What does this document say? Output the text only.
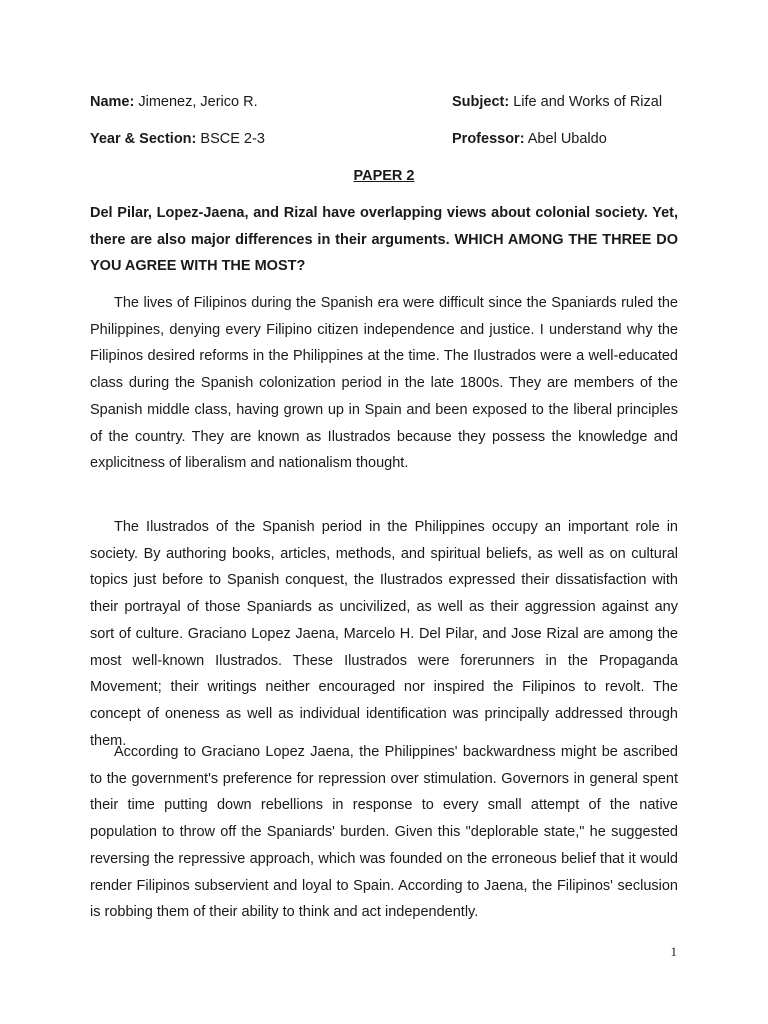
Name: Jimenez, Jerico R.	Subject: Life and Works of Rizal
Year & Section: BSCE 2-3	Professor: Abel Ubaldo
PAPER 2
Del Pilar, Lopez-Jaena, and Rizal have overlapping views about colonial society. Yet, there are also major differences in their arguments. WHICH AMONG THE THREE DO YOU AGREE WITH THE MOST?

The lives of Filipinos during the Spanish era were difficult since the Spaniards ruled the Philippines, denying every Filipino citizen independence and justice. I understand why the Filipinos desired reforms in the Philippines at the time. The Ilustrados were a well-educated class during the Spanish colonization period in the late 1800s. They are members of the Spanish middle class, having grown up in Spain and been exposed to the liberal principles of the country. They are known as Ilustrados because they possess the knowledge and explicitness of liberalism and nationalism thought.

The Ilustrados of the Spanish period in the Philippines occupy an important role in society. By authoring books, articles, methods, and spiritual beliefs, as well as on cultural topics just before to Spanish conquest, the Ilustrados expressed their dissatisfaction with their portrayal of those Spaniards as uncivilized, as well as their aggression against any sort of culture. Graciano Lopez Jaena, Marcelo H. Del Pilar, and Jose Rizal are among the most well-known Ilustrados. These Ilustrados were forerunners in the Propaganda Movement; their writings neither encouraged nor inspired the Filipinos to revolt. The concept of oneness as well as individual identification was principally addressed through them.

According to Graciano Lopez Jaena, the Philippines' backwardness might be ascribed to the government's preference for repression over stimulation. Governors in general spent their time putting down rebellions in response to every small attempt of the native population to throw off the Spaniards' burden. Given this "deplorable state," he suggested reversing the repressive approach, which was founded on the erroneous belief that it would render Filipinos subservient and loyal to Spain. According to Jaena, the Filipinos' seclusion is robbing them of their ability to think and act independently.

1
